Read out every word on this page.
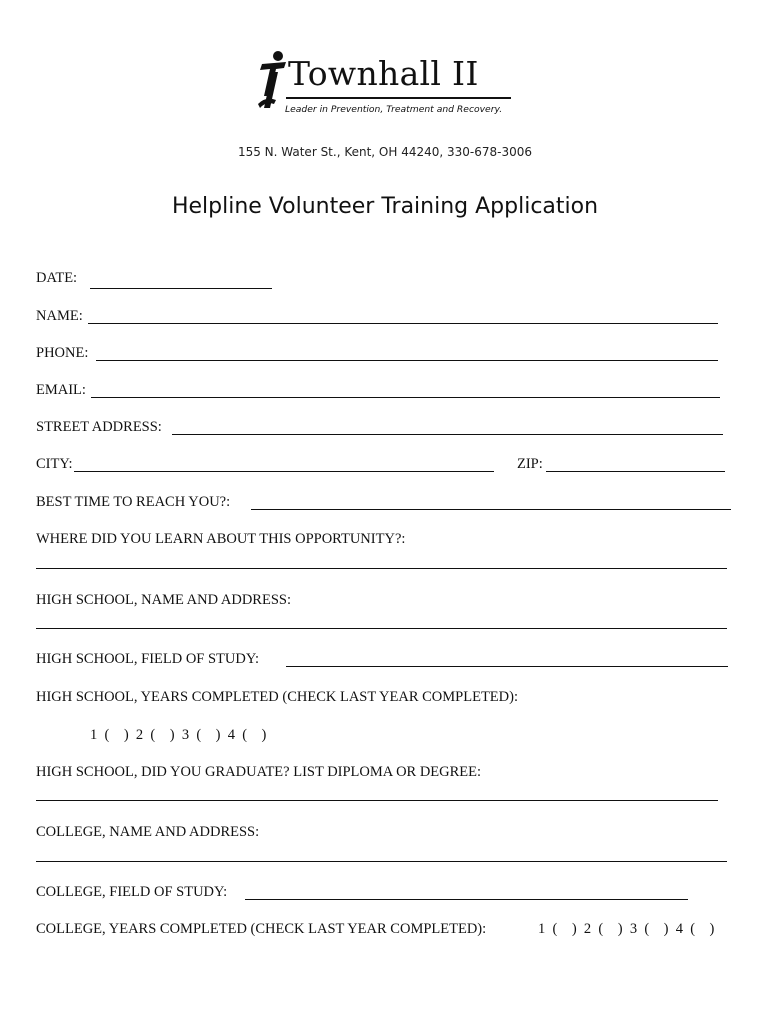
Townhall II
Leader in Prevention, Treatment and Recovery.
155 N. Water St., Kent, OH 44240, 330-678-3006
Helpline Volunteer Training Application
DATE:
NAME:
PHONE:
EMAIL:
STREET ADDRESS:
CITY:	ZIP:
BEST TIME TO REACH YOU?:
WHERE DID YOU LEARN ABOUT THIS OPPORTUNITY?:
HIGH SCHOOL, NAME AND ADDRESS:
HIGH SCHOOL, FIELD OF STUDY:
HIGH SCHOOL, YEARS COMPLETED (CHECK LAST YEAR COMPLETED):
1  (    )  2  (    )  3  (    )  4  (    )
HIGH SCHOOL, DID YOU GRADUATE? LIST DIPLOMA OR DEGREE:
COLLEGE, NAME AND ADDRESS:
COLLEGE, FIELD OF STUDY:
COLLEGE, YEARS COMPLETED (CHECK LAST YEAR COMPLETED):	1  (    )  2  (    )  3  (    )  4  (    )
